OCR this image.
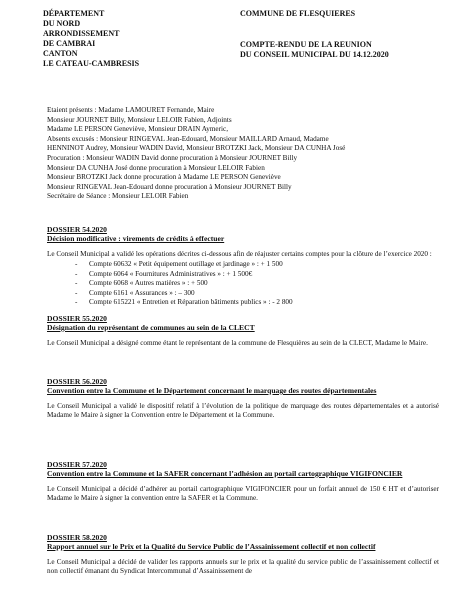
DÉPARTEMENT
DU NORD
ARRONDISSEMENT
DE CAMBRAI
CANTON
LE CATEAU-CAMBRESIS
COMMUNE DE FLESQUIERES
COMPTE-RENDU DE LA REUNION
DU CONSEIL MUNICIPAL DU 14.12.2020
Etaient présents : Madame LAMOURET Fernande, Maire
Monsieur JOURNET Billy, Monsieur LELOIR Fabien, Adjoints
Madame LE PERSON Geneviève, Monsieur DRAIN Aymeric,
Absents excusés : Monsieur RINGEVAL Jean-Edouard, Monsieur MAILLARD Arnaud, Madame
HENNINOT Audrey, Monsieur WADIN David, Monsieur BROTZKI Jack, Monsieur DA CUNHA José
Procuration : Monsieur WADIN David donne procuration à Monsieur JOURNET Billy
Monsieur DA CUNHA José donne procuration à Monsieur LELOIR Fabien
Monsieur BROTZKI Jack donne procuration à Madame LE PERSON Geneviève
Monsieur RINGEVAL Jean-Edouard donne procuration à Monsieur JOURNET Billy
Secrétaire de Séance : Monsieur LELOIR Fabien
DOSSIER 54.2020
Décision modificative : virements de crédits à effectuer
Le Conseil Municipal a validé les opérations décrites ci-dessous afin de réajuster certains comptes pour la clôture de l’exercice 2020 :
- Compte 60632 « Petit équipement outillage et jardinage » : + 1 500
- Compte 6064 « Fournitures Administratives » : + 1 500€
- Compte 6068 « Autres matières » : + 500
- Compte 6161 « Assurances » : – 300
- Compte 615221 « Entretien et Réparation bâtiments publics » : - 2 800
DOSSIER 55.2020
Désignation du représentant de communes au sein de la CLECT
Le Conseil Municipal a désigné comme étant le représentant de la commune de Flesquières au sein de la CLECT, Madame le Maire.
DOSSIER 56.2020
Convention entre la Commune et le Département concernant le marquage des routes départementales
Le Conseil Municipal a validé le dispositif relatif à l’évolution de la politique de marquage des routes départementales et a autorisé Madame le Maire à signer la Convention entre le Département et la Commune.
DOSSIER 57.2020
Convention entre la Commune et la SAFER concernant l’adhésion au portail cartographique VIGIFONCIER
Le Conseil Municipal a décidé d’adhérer au portail cartographique VIGIFONCIER pour un forfait annuel de 150 € HT et d’autoriser Madame le Maire à signer la convention entre la SAFER et la Commune.
DOSSIER 58.2020
Rapport annuel sur le Prix et la Qualité du Service Public de l’Assainissement collectif et non collectif
Le Conseil Municipal a décidé de valider les rapports annuels sur le prix et la qualité du service public de l’assainissement collectif et non collectif émanant du Syndicat Intercommunal d’Assainissement de
